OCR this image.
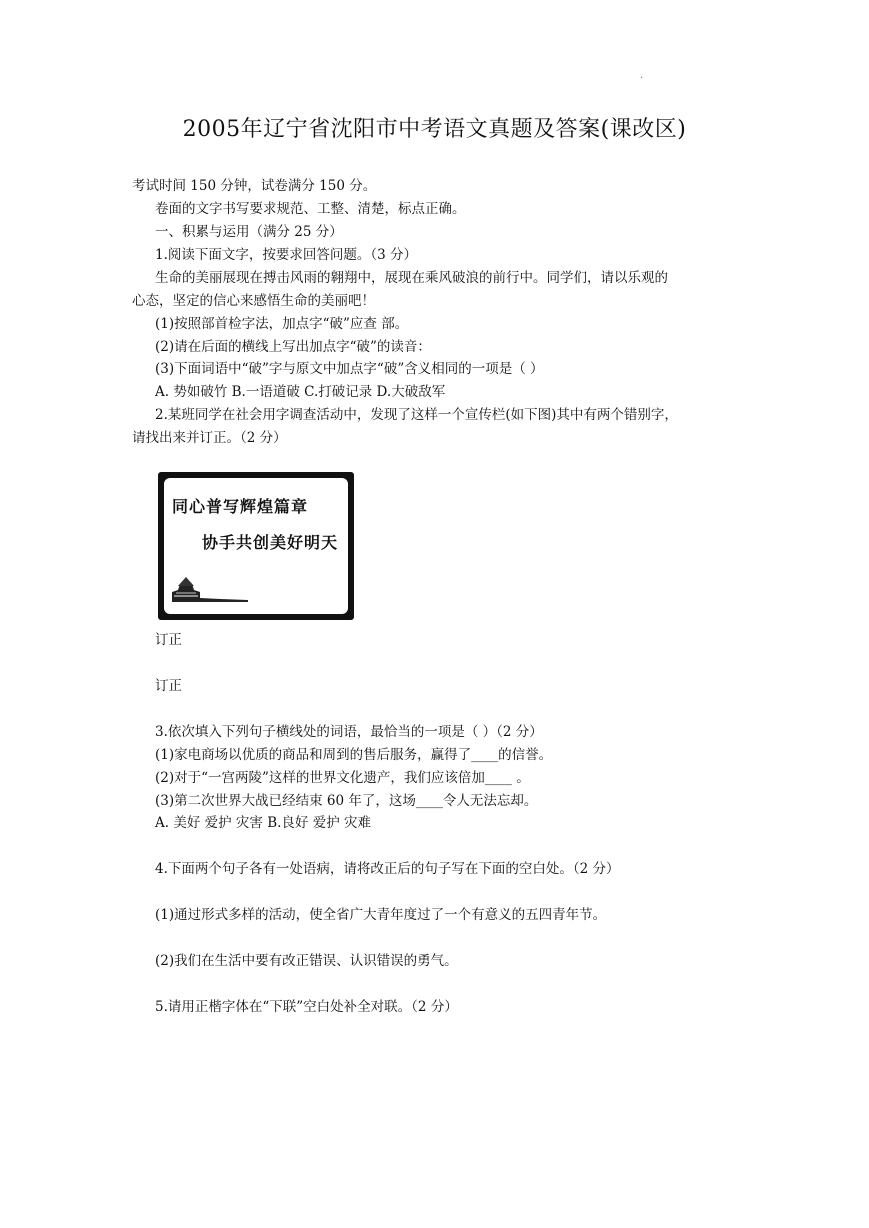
.
2005年辽宁省沈阳市中考语文真题及答案(课改区)
考试时间 150 分钟，试卷满分 150 分。
卷面的文字书写要求规范、工整、清楚，标点正确。
一、积累与运用（满分 25 分）
1.阅读下面文字，按要求回答问题。（3 分）
生命的美丽展现在搏击风雨的翱翔中，展现在乘风破浪的前行中。同学们，请以乐观的
心态，坚定的信心来感悟生命的美丽吧！
(1)按照部首检字法，加点字“破”应查 部。
(2)请在后面的横线上写出加点字“破”的读音：
(3)下面词语中“破”字与原文中加点字“破”含义相同的一项是（ ）
A. 势如破竹 B.一语道破 C.打破记录 D.大破敌军
2.某班同学在社会用字调查活动中，发现了这样一个宣传栏(如下图)其中有两个错别字，
请找出来并订正。（2 分）
同心普写辉煌篇章
协手共创美好明天
订正
订正
3.依次填入下列句子横线处的词语，最恰当的一项是（ ）（2 分）
(1)家电商场以优质的商品和周到的售后服务，赢得了____的信誉。
(2)对于“一宫两陵”这样的世界文化遗产，我们应该倍加____ 。
(3)第二次世界大战已经结束 60 年了，这场____令人无法忘却。
A. 美好 爱护 灾害 B.良好 爱护 灾难
4.下面两个句子各有一处语病，请将改正后的句子写在下面的空白处。（2 分）
(1)通过形式多样的活动，使全省广大青年度过了一个有意义的五四青年节。
(2)我们在生活中要有改正错误、认识错误的勇气。
5.请用正楷字体在“下联”空白处补全对联。（2 分）
